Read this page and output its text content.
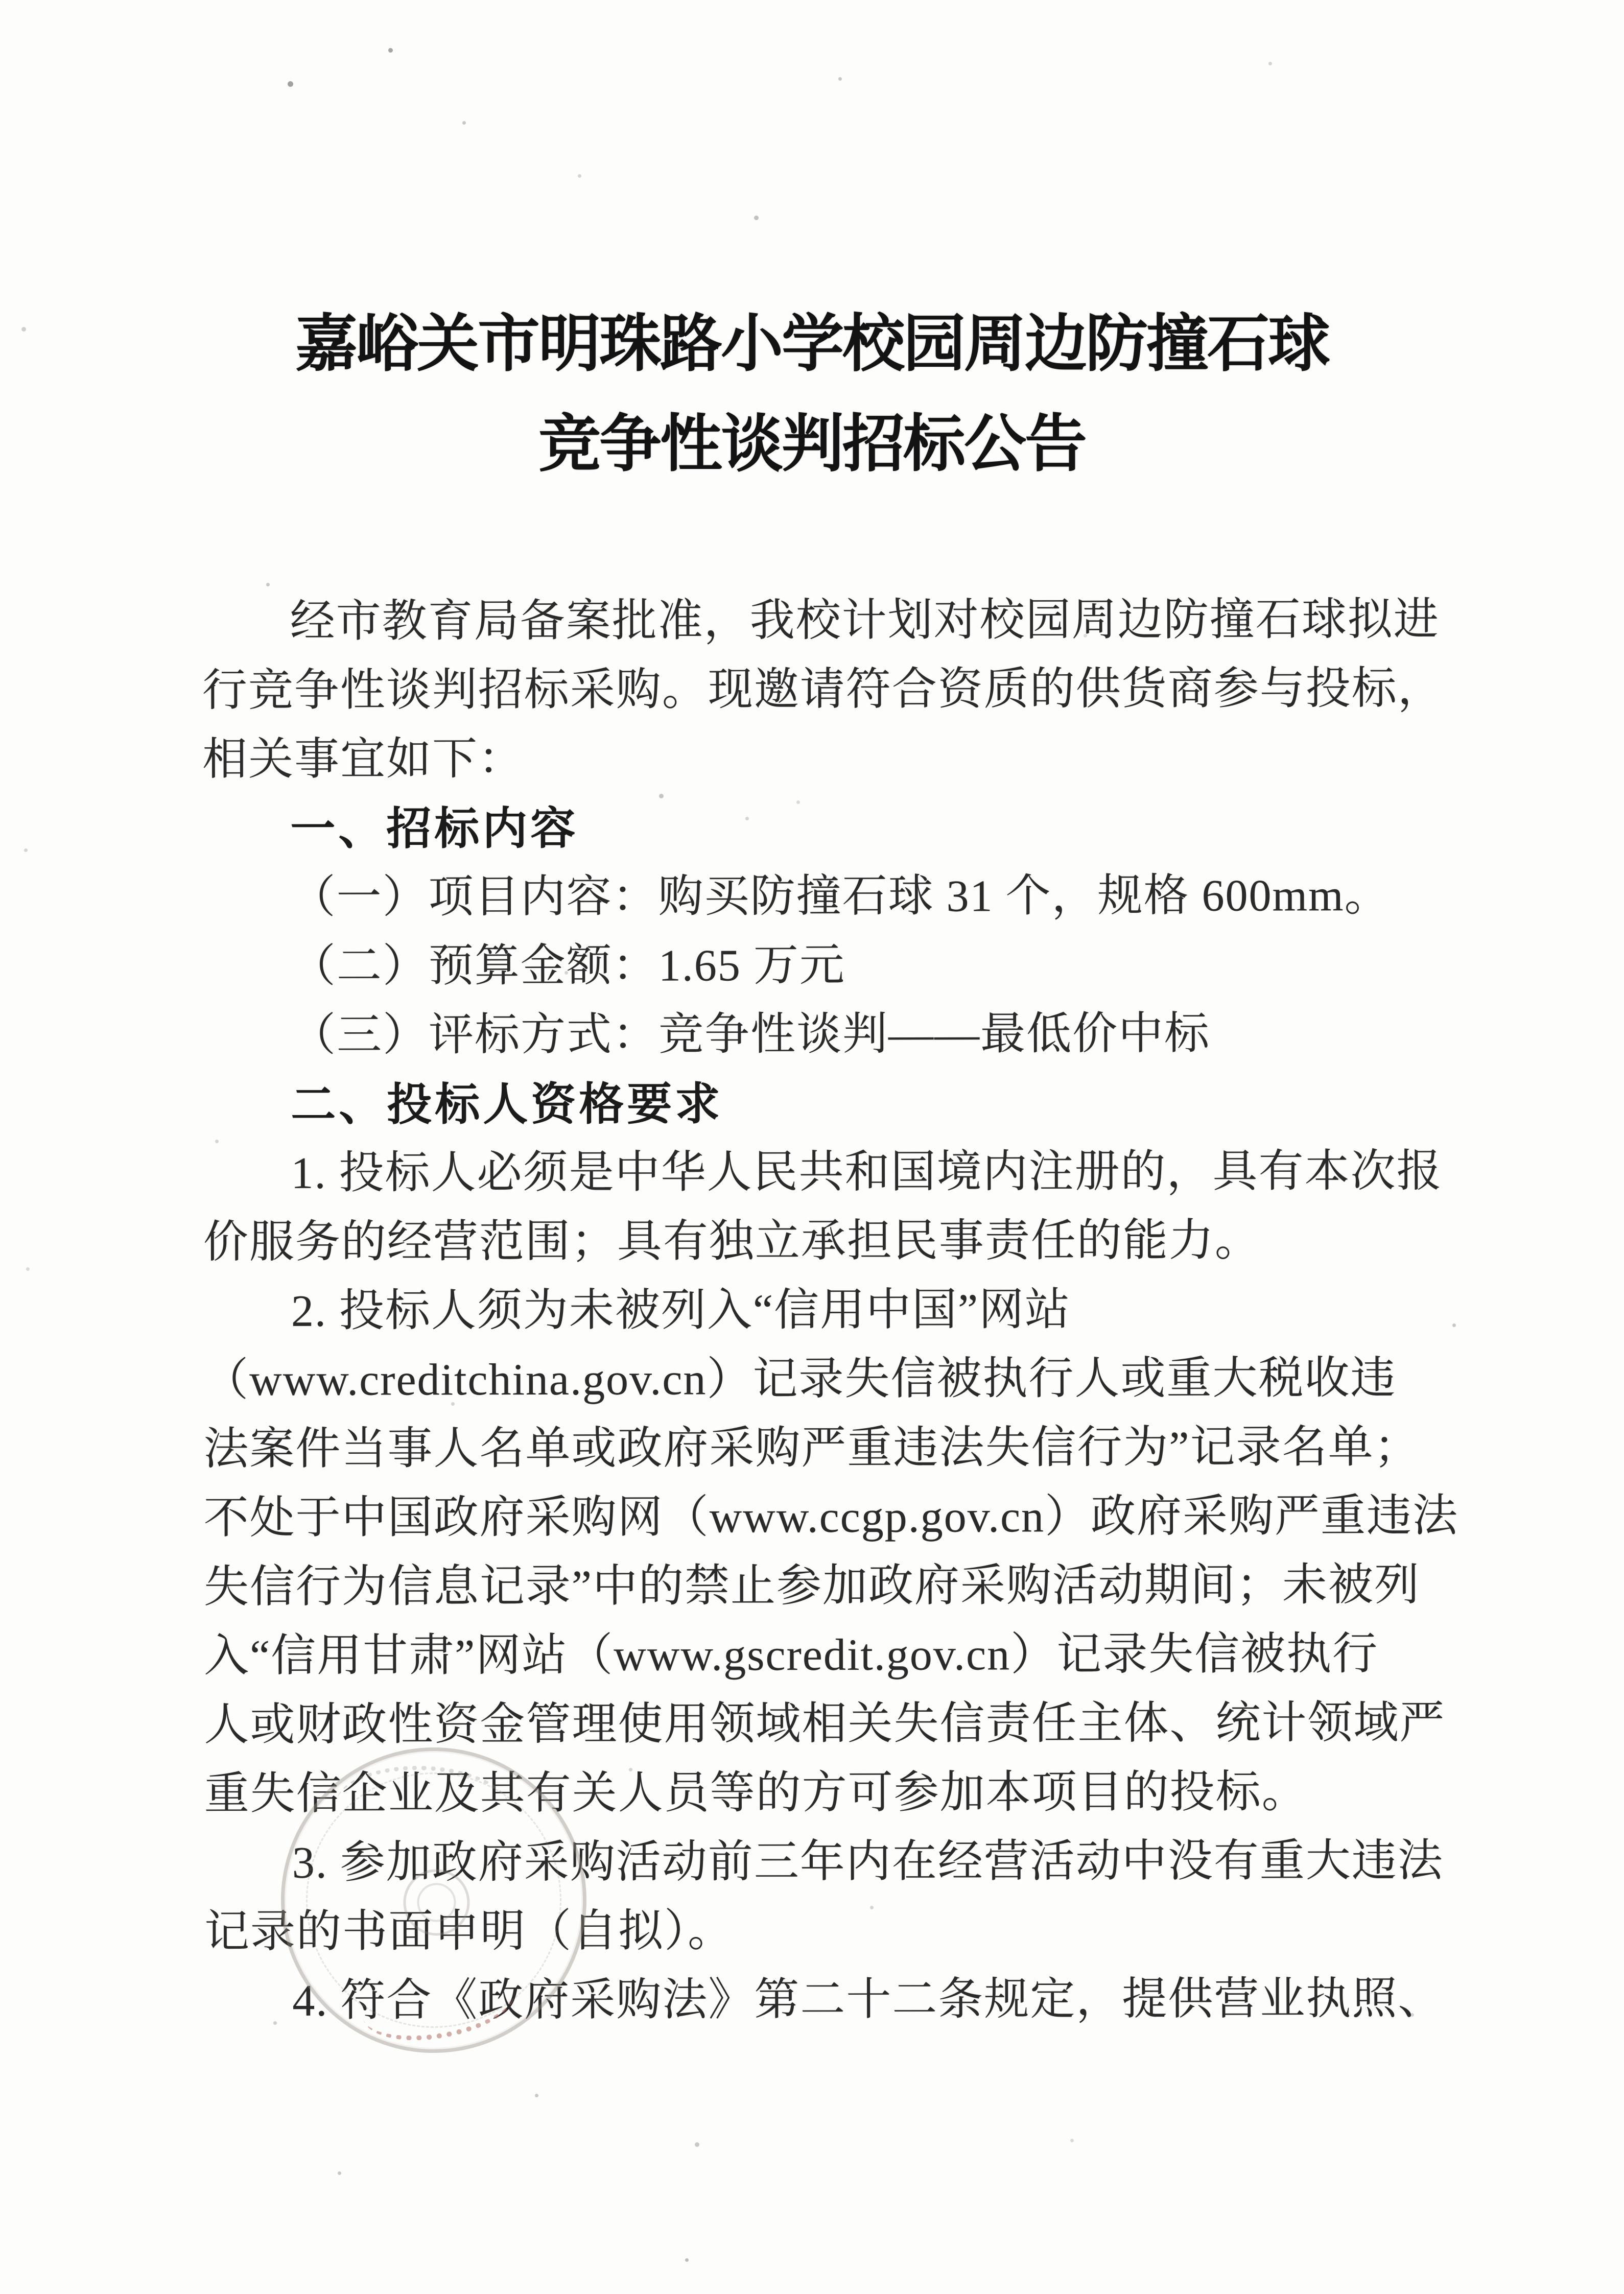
嘉峪关市明珠路小学校园周边防撞石球
竞争性谈判招标公告

经市教育局备案批准，我校计划对校园周边防撞石球拟进

行竞争性谈判招标采购。现邀请符合资质的供货商参与投标，

相关事宜如下：

一、招标内容

（一）项目内容：购买防撞石球 31 个，规格 600mm。

（二）预算金额：1.65 万元

（三）评标方式：竞争性谈判——最低价中标

二、投标人资格要求

1. 投标人必须是中华人民共和国境内注册的，具有本次报

价服务的经营范围；具有独立承担民事责任的能力。

2. 投标人须为未被列入“信用中国”网站

（www.creditchina.gov.cn）记录失信被执行人或重大税收违

法案件当事人名单或政府采购严重违法失信行为”记录名单；

不处于中国政府采购网（www.ccgp.gov.cn）政府采购严重违法

失信行为信息记录”中的禁止参加政府采购活动期间；未被列

入“信用甘肃”网站（www.gscredit.gov.cn）记录失信被执行

人或财政性资金管理使用领域相关失信责任主体、统计领域严

重失信企业及其有关人员等的方可参加本项目的投标。

3. 参加政府采购活动前三年内在经营活动中没有重大违法

记录的书面申明（自拟）。

4. 符合《政府采购法》第二十二条规定，提供营业执照、
